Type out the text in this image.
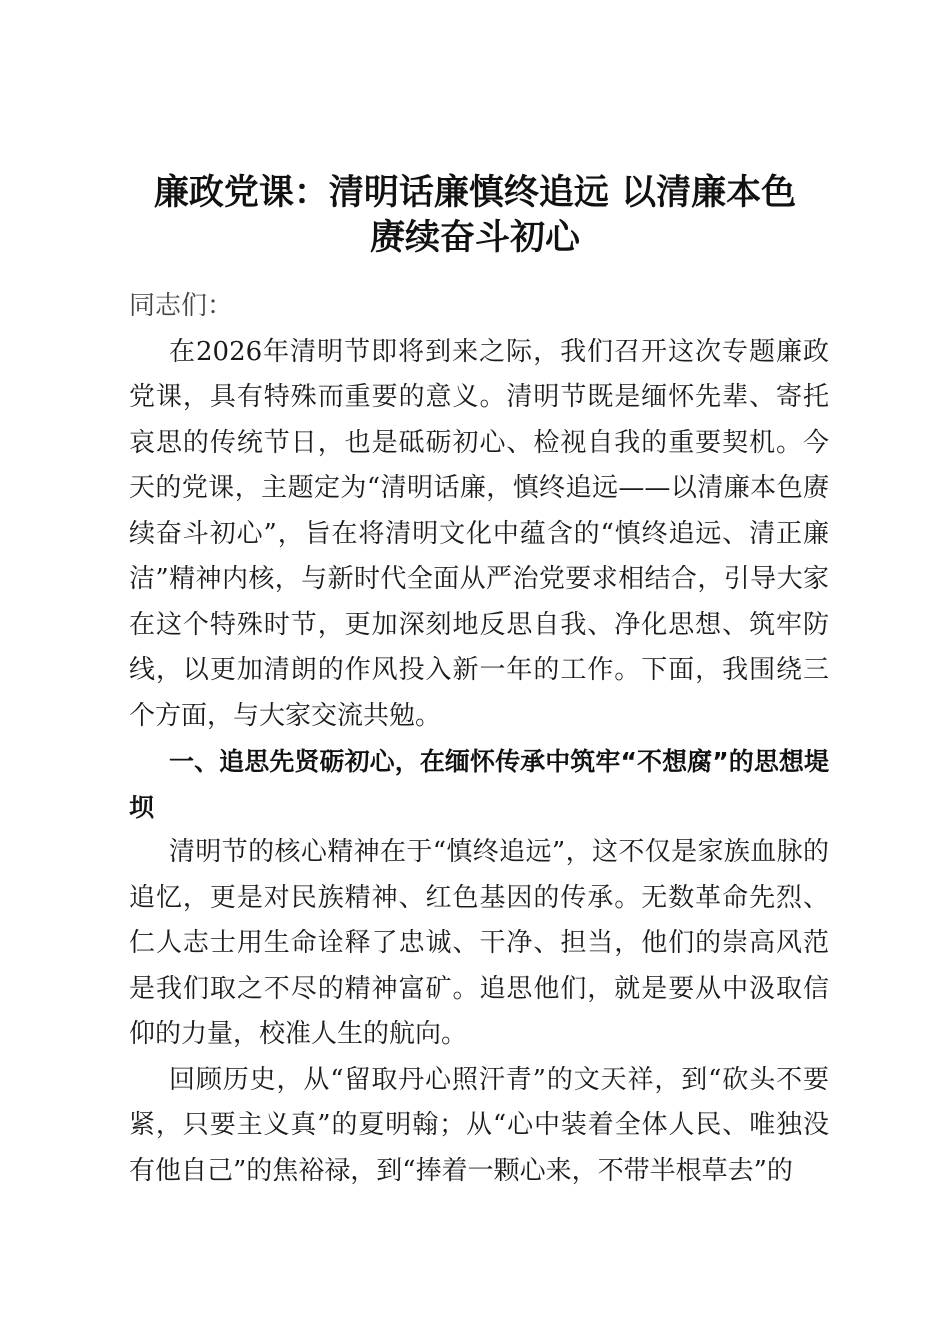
廉政党课：清明话廉慎终追远 以清廉本色
赓续奋斗初心

同志们：

在2026年清明节即将到来之际，我们召开这次专题廉政党课，具有特殊而重要的意义。清明节既是缅怀先辈、寄托哀思的传统节日，也是砥砺初心、检视自我的重要契机。今天的党课，主题定为“清明话廉，慎终追远——以清廉本色赓续奋斗初心”，旨在将清明文化中蕴含的“慎终追远、清正廉洁”精神内核，与新时代全面从严治党要求相结合，引导大家在这个特殊时节，更加深刻地反思自我、净化思想、筑牢防线，以更加清朗的作风投入新一年的工作。下面，我围绕三个方面，与大家交流共勉。

一、追思先贤砺初心，在缅怀传承中筑牢“不想腐”的思想堤坝

清明节的核心精神在于“慎终追远”，这不仅是家族血脉的追忆，更是对民族精神、红色基因的传承。无数革命先烈、仁人志士用生命诠释了忠诚、干净、担当，他们的崇高风范是我们取之不尽的精神富矿。追思他们，就是要从中汲取信仰的力量，校准人生的航向。

回顾历史，从“留取丹心照汗青”的文天祥，到“砍头不要紧，只要主义真”的夏明翰；从“心中装着全体人民、唯独没有他自己”的焦裕禄，到“捧着一颗心来，不带半根草去”的
